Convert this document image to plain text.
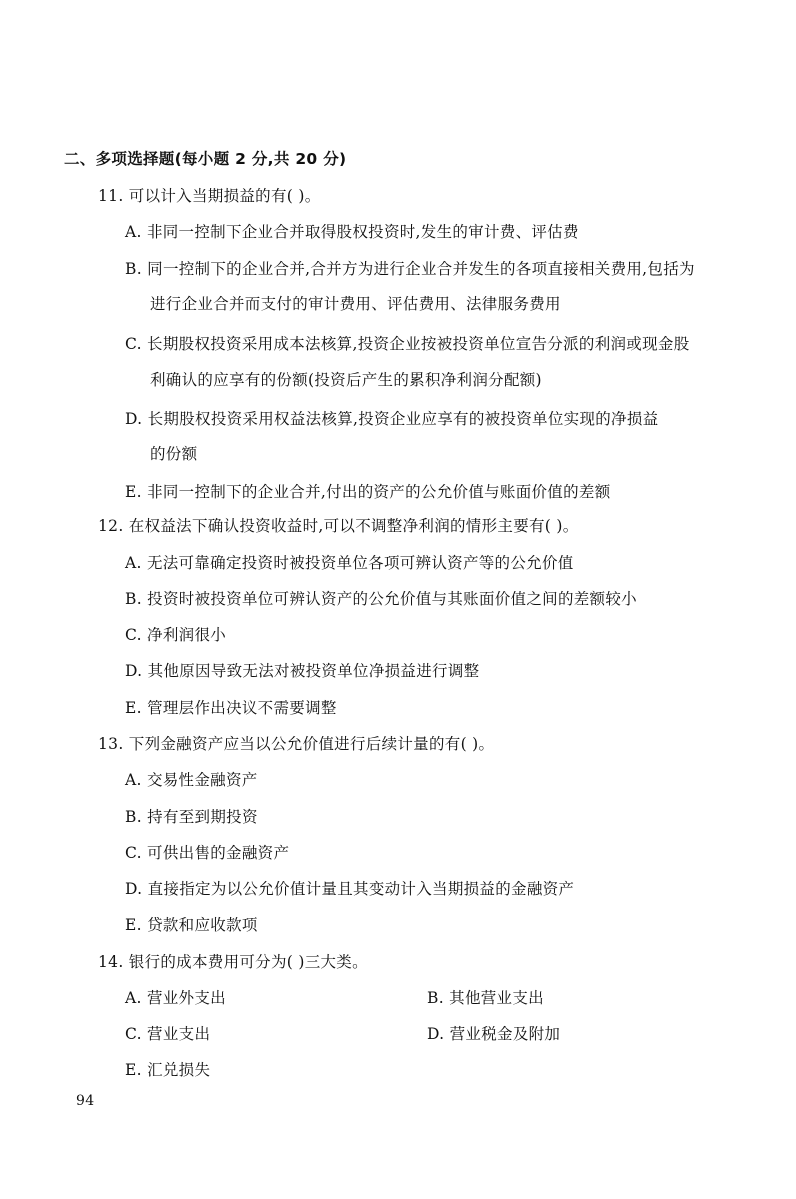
二、多项选择题(每小题 2 分,共 20 分)
11. 可以计入当期损益的有( )。
A. 非同一控制下企业合并取得股权投资时,发生的审计费、评估费
B. 同一控制下的企业合并,合并方为进行企业合并发生的各项直接相关费用,包括为
进行企业合并而支付的审计费用、评估费用、法律服务费用
C. 长期股权投资采用成本法核算,投资企业按被投资单位宣告分派的利润或现金股
利确认的应享有的份额(投资后产生的累积净利润分配额)
D. 长期股权投资采用权益法核算,投资企业应享有的被投资单位实现的净损益
的份额
E. 非同一控制下的企业合并,付出的资产的公允价值与账面价值的差额
12. 在权益法下确认投资收益时,可以不调整净利润的情形主要有( )。
A. 无法可靠确定投资时被投资单位各项可辨认资产等的公允价值
B. 投资时被投资单位可辨认资产的公允价值与其账面价值之间的差额较小
C. 净利润很小
D. 其他原因导致无法对被投资单位净损益进行调整
E. 管理层作出决议不需要调整
13. 下列金融资产应当以公允价值进行后续计量的有( )。
A. 交易性金融资产
B. 持有至到期投资
C. 可供出售的金融资产
D. 直接指定为以公允价值计量且其变动计入当期损益的金融资产
E. 贷款和应收款项
14. 银行的成本费用可分为( )三大类。
A. 营业外支出	B. 其他营业支出
C. 营业支出	D. 营业税金及附加
E. 汇兑损失
94
